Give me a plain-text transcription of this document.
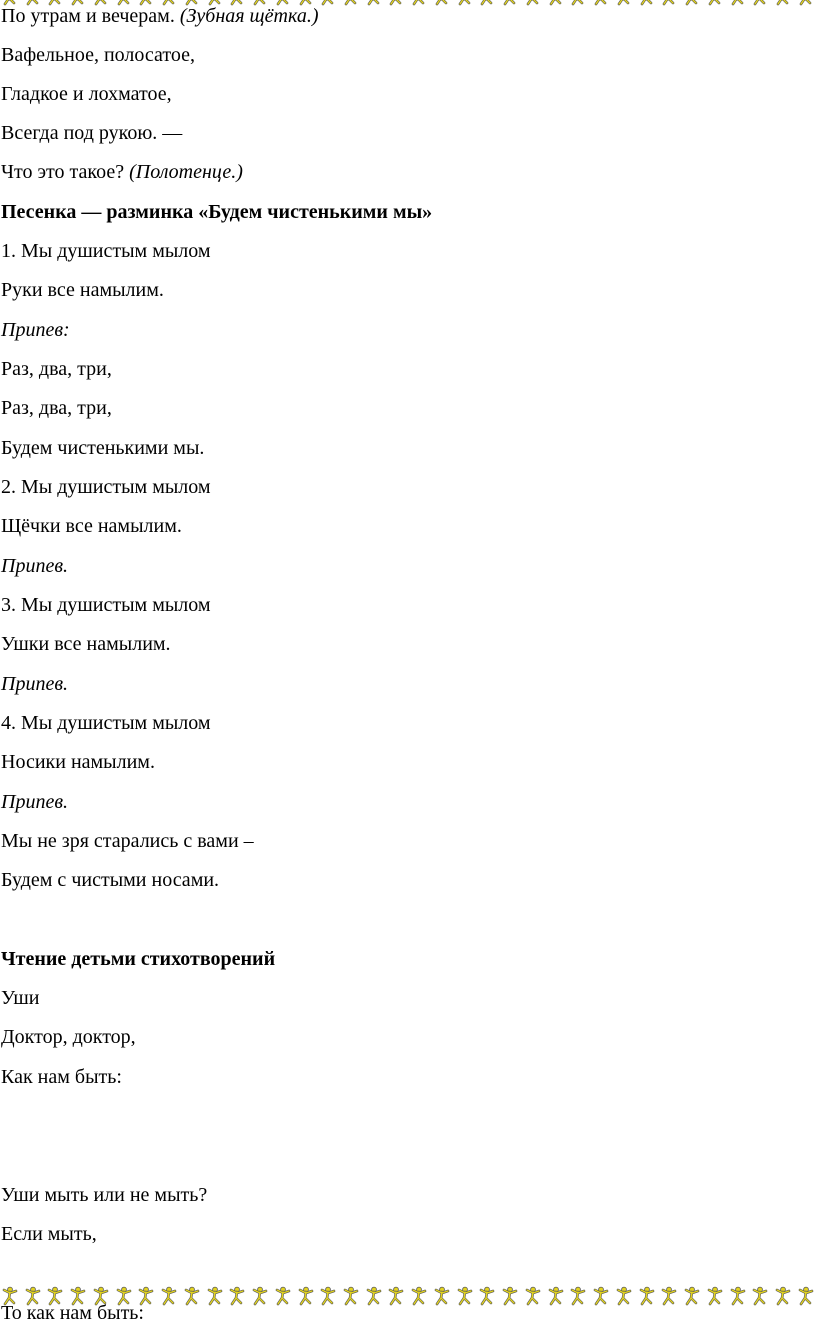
По утрам и вечерам. (Зубная щётка.)
Вафельное, полосатое,
Гладкое и лохматое,
Всегда под рукою. —
Что это такое? (Полотенце.)
Песенка — разминка «Будем чистенькими мы»
1. Мы душистым мылом
Руки все намылим.
Припев:
Раз, два, три,
Раз, два, три,
Будем чистенькими мы.
2. Мы душистым мылом
Щёчки все намылим.
Припев.
3. Мы душистым мылом
Ушки все намылим.
Припев.
4. Мы душистым мылом
Носики намылим.
Припев.
Мы не зря старались с вами –
Будем с чистыми носами.
Чтение детьми стихотворений
Уши
Доктор, доктор,
Как нам быть:
Уши мыть или не мыть?
Если мыть,
То как нам быть:
